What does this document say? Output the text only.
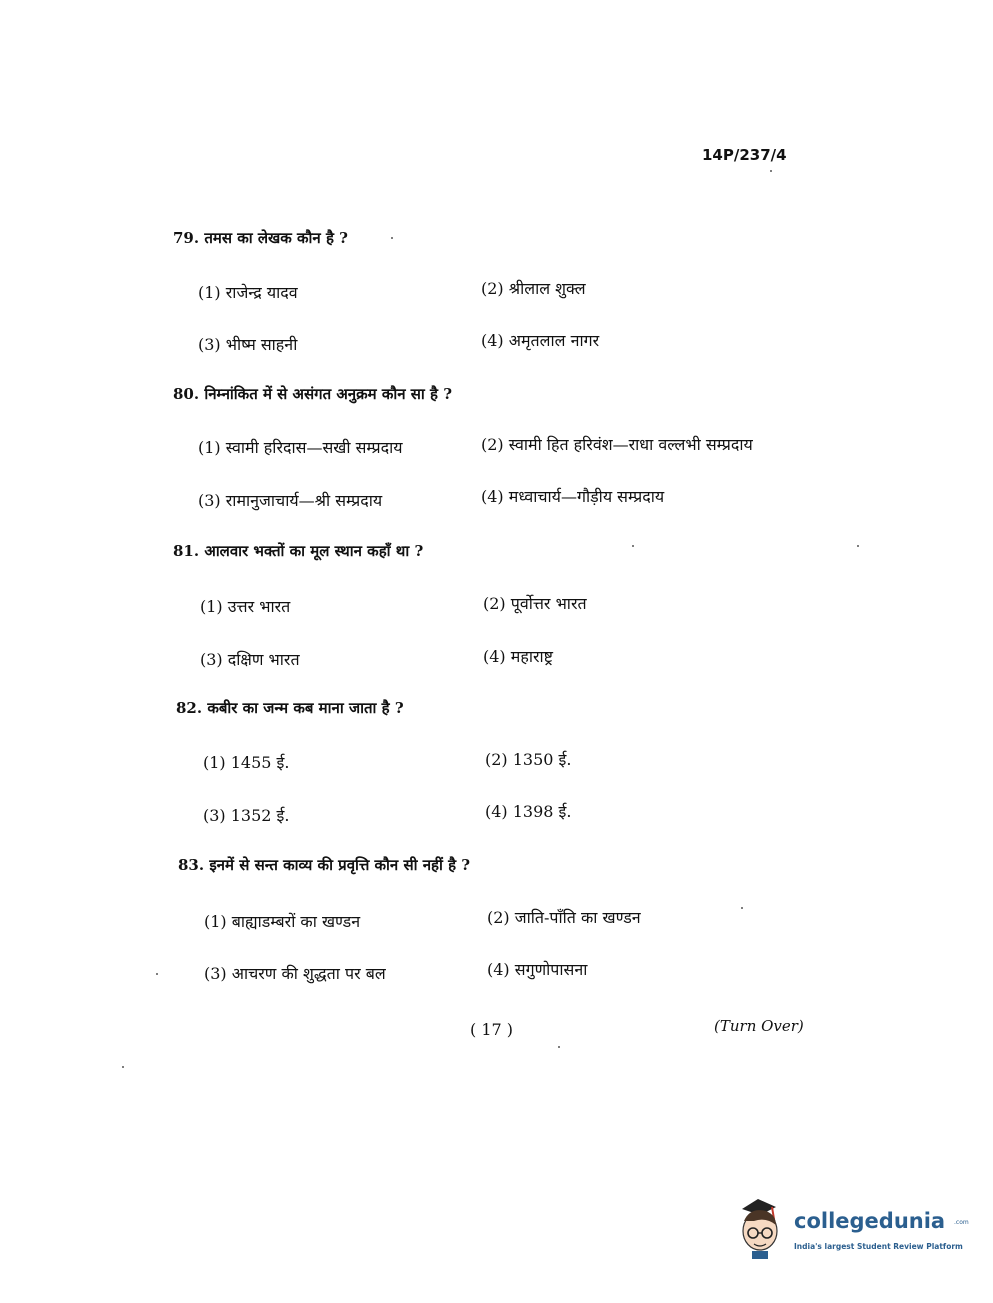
14P/237/4
79. तमस का लेखक कौन है ?
(1) राजेन्द्र यादव	(2) श्रीलाल शुक्ल
(3) भीष्म साहनी	(4) अमृतलाल नागर
80. निम्नांकित में से असंगत अनुक्रम कौन सा है ?
(1) स्वामी हरिदास—सखी सम्प्रदाय	(2) स्वामी हित हरिवंश—राधा वल्लभी सम्प्रदाय
(3) रामानुजाचार्य—श्री सम्प्रदाय	(4) मध्वाचार्य—गौड़ीय सम्प्रदाय
81. आलवार भक्तों का मूल स्थान कहाँ था ?
(1) उत्तर भारत	(2) पूर्वोत्तर भारत
(3) दक्षिण भारत	(4) महाराष्ट्र
82. कबीर का जन्म कब माना जाता है ?
(1) 1455 ई.	(2) 1350 ई.
(3) 1352 ई.	(4) 1398 ई.
83. इनमें से सन्त काव्य की प्रवृत्ति कौन सी नहीं है ?
(1) बाह्याडम्बरों का खण्डन	(2) जाति-पाँति का खण्डन
(3) आचरण की शुद्धता पर बल	(4) सगुणोपासना
( 17 )	(Turn Over)
collegedunia .com
India's largest Student Review Platform
